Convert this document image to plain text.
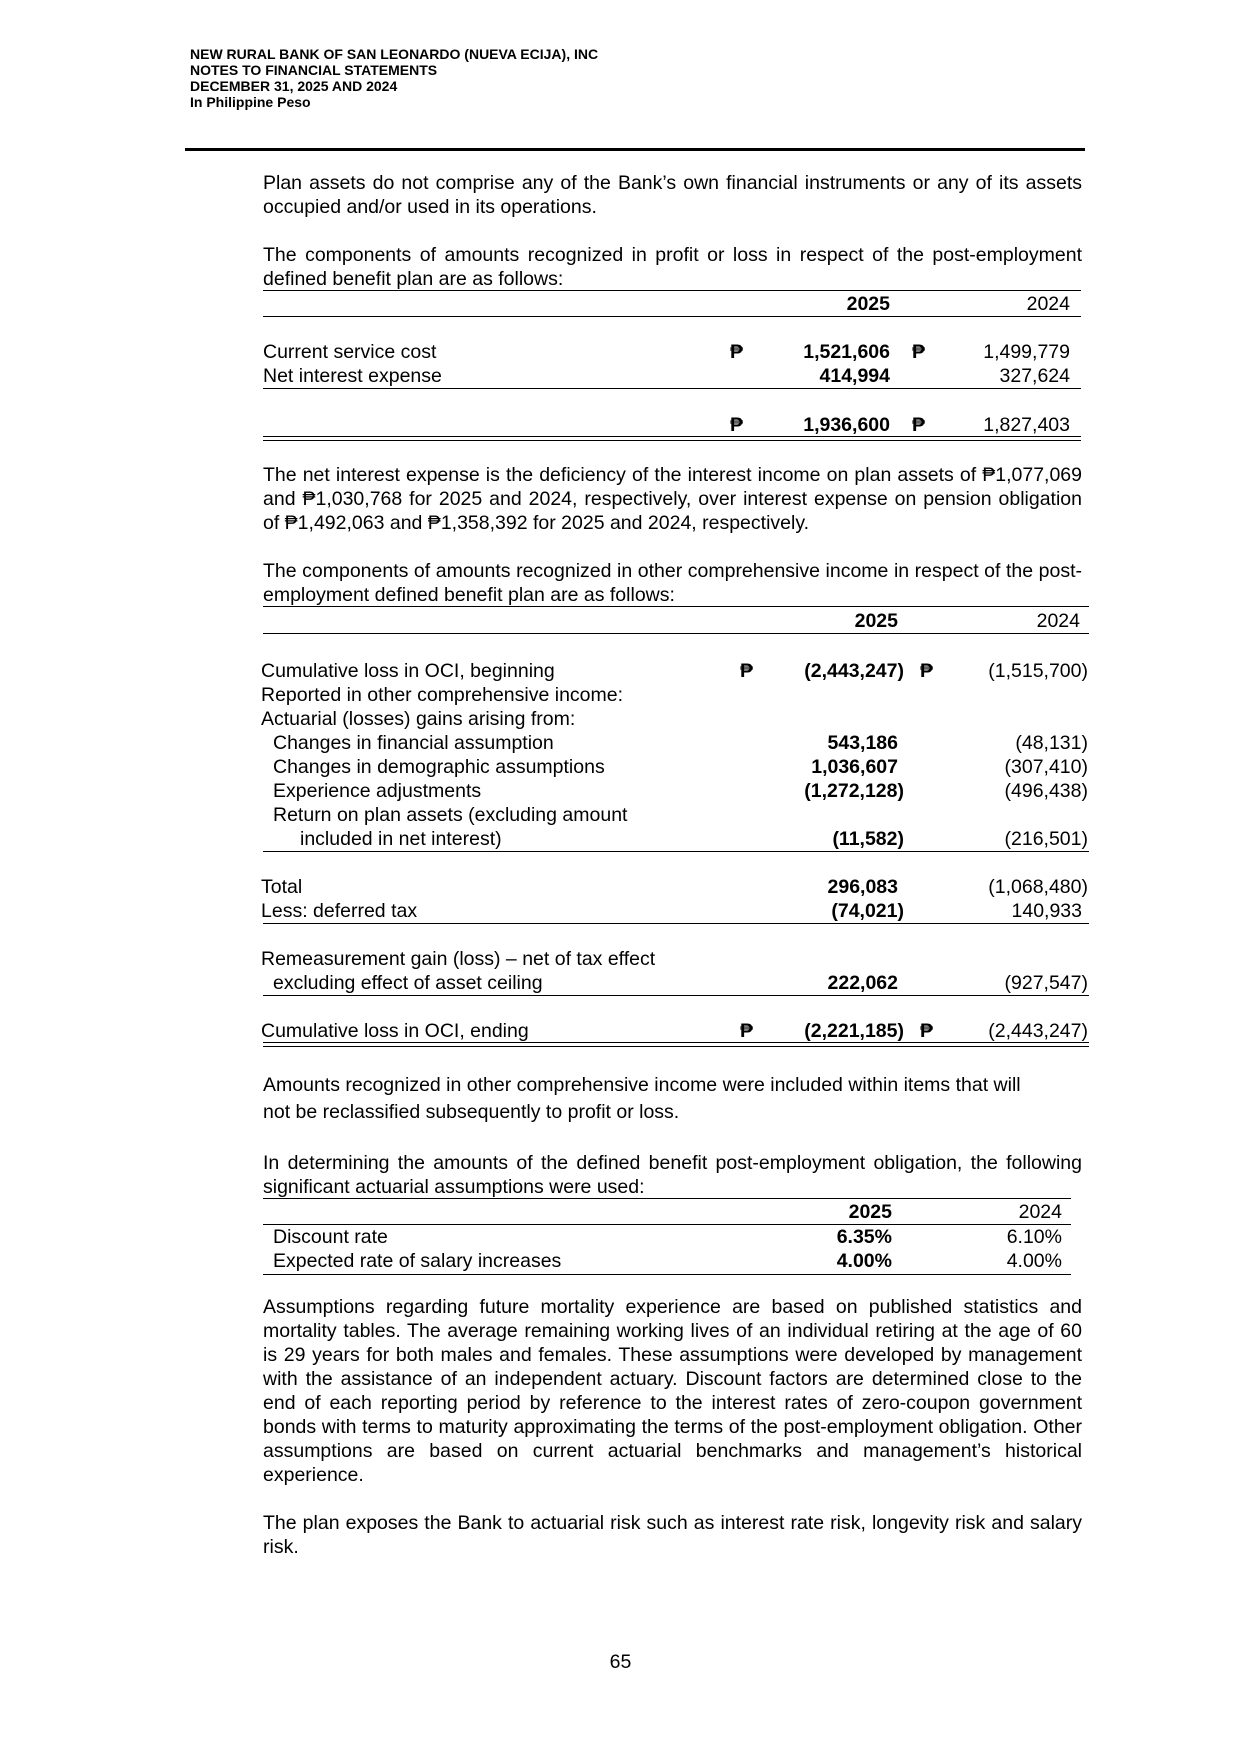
NEW RURAL BANK OF SAN LEONARDO (NUEVA ECIJA), INC
NOTES TO FINANCIAL STATEMENTS
DECEMBER 31, 2025 AND 2024
In Philippine Peso
Plan assets do not comprise any of the Bank’s own financial instruments or any of its assets occupied and/or used in its operations.
The components of amounts recognized in profit or loss in respect of the post-employment defined benefit plan are as follows:
2025	2024
Current service cost	₱	1,521,606 ₱	1,499,779
Net interest expense	414,994	327,624
₱	1,936,600 ₱	1,827,403
The net interest expense is the deficiency of the interest income on plan assets of ₱1,077,069 and ₱1,030,768 for 2025 and 2024, respectively, over interest expense on pension obligation of ₱1,492,063 and ₱1,358,392 for 2025 and 2024, respectively.
The components of amounts recognized in other comprehensive income in respect of the post-employment defined benefit plan are as follows:
2025	2024
Cumulative loss in OCI, beginning	₱	(2,443,247) ₱	(1,515,700)
Reported in other comprehensive income:
Actuarial (losses) gains arising from:
Changes in financial assumption	543,186	(48,131)
Changes in demographic assumptions	1,036,607	(307,410)
Experience adjustments	(1,272,128)	(496,438)
Return on plan assets (excluding amount
included in net interest)	(11,582)	(216,501)
Total	296,083	(1,068,480)
Less: deferred tax	(74,021)	140,933
Remeasurement gain (loss) – net of tax effect
excluding effect of asset ceiling	222,062	(927,547)
Cumulative loss in OCI, ending	₱	(2,221,185) ₱	(2,443,247)
Amounts recognized in other comprehensive income were included within items that will
not be reclassified subsequently to profit or loss.
In determining the amounts of the defined benefit post-employment obligation, the following significant actuarial assumptions were used:
2025	2024
Discount rate	6.35%	6.10%
Expected rate of salary increases	4.00%	4.00%
Assumptions regarding future mortality experience are based on published statistics and mortality tables. The average remaining working lives of an individual retiring at the age of 60 is 29 years for both males and females. These assumptions were developed by management with the assistance of an independent actuary. Discount factors are determined close to the end of each reporting period by reference to the interest rates of zero-coupon government bonds with terms to maturity approximating the terms of the post-employment obligation. Other assumptions are based on current actuarial benchmarks and management’s historical experience.
The plan exposes the Bank to actuarial risk such as interest rate risk, longevity risk and salary risk.
65
